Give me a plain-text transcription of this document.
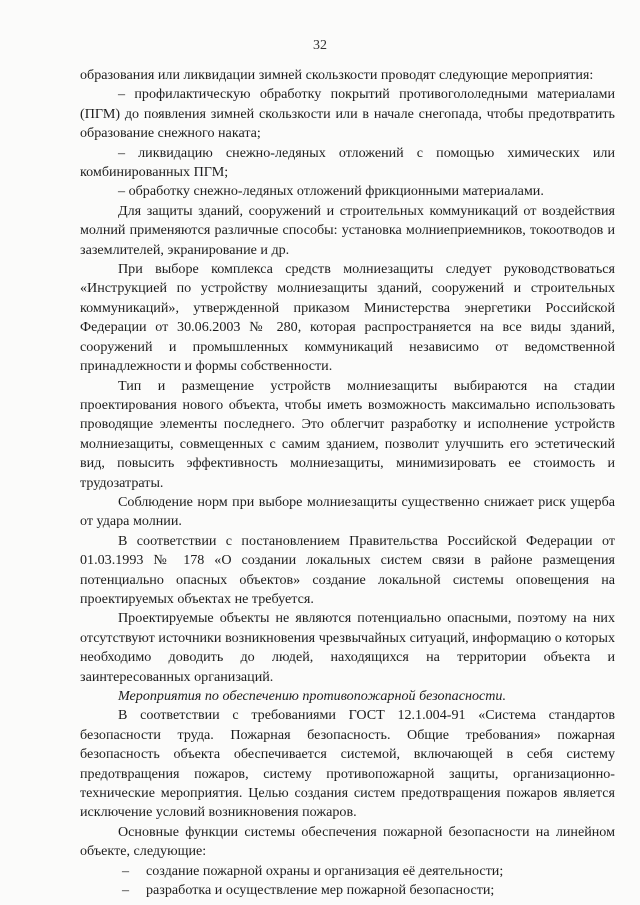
32

образования или ликвидации зимней скользкости проводят следующие мероприятия:

– профилактическую обработку покрытий противогололедными материалами (ПГМ) до появления зимней скользкости или в начале снегопада, чтобы предотвратить образование снежного наката;

– ликвидацию снежно-ледяных отложений с помощью химических или комбинированных ПГМ;

– обработку снежно-ледяных отложений фрикционными материалами.

Для защиты зданий, сооружений и строительных коммуникаций от воздействия молний применяются различные способы: установка молниеприемников, токоотводов и заземлителей, экранирование и др.

При выборе комплекса средств молниезащиты следует руководствоваться «Инструкцией по устройству молниезащиты зданий, сооружений и строительных коммуникаций», утвержденной приказом Министерства энергетики Российской Федерации от 30.06.2003 № 280, которая распространяется на все виды зданий, сооружений и промышленных коммуникаций независимо от ведомственной принадлежности и формы собственности.

Тип и размещение устройств молниезащиты выбираются на стадии проектирования нового объекта, чтобы иметь возможность максимально использовать проводящие элементы последнего. Это облегчит разработку и исполнение устройств молниезащиты, совмещенных с самим зданием, позволит улучшить его эстетический вид, повысить эффективность молниезащиты, минимизировать ее стоимость и трудозатраты.

Соблюдение норм при выборе молниезащиты существенно снижает риск ущерба от удара молнии.

В соответствии с постановлением Правительства Российской Федерации от 01.03.1993 № 178 «О создании локальных систем связи в районе размещения потенциально опасных объектов» создание локальной системы оповещения на проектируемых объектах не требуется.

Проектируемые объекты не являются потенциально опасными, поэтому на них отсутствуют источники возникновения чрезвычайных ситуаций, информацию о которых необходимо доводить до людей, находящихся на территории объекта и заинтересованных организаций.

Мероприятия по обеспечению противопожарной безопасности.

В соответствии с требованиями ГОСТ 12.1.004-91 «Система стандартов безопасности труда. Пожарная безопасность. Общие требования» пожарная безопасность объекта обеспечивается системой, включающей в себя систему предотвращения пожаров, систему противопожарной защиты, организационно-технические мероприятия. Целью создания систем предотвращения пожаров является исключение условий возникновения пожаров.

Основные функции системы обеспечения пожарной безопасности на линейном объекте, следующие:

–	создание пожарной охраны и организация её деятельности;
–	разработка и осуществление мер пожарной безопасности;
